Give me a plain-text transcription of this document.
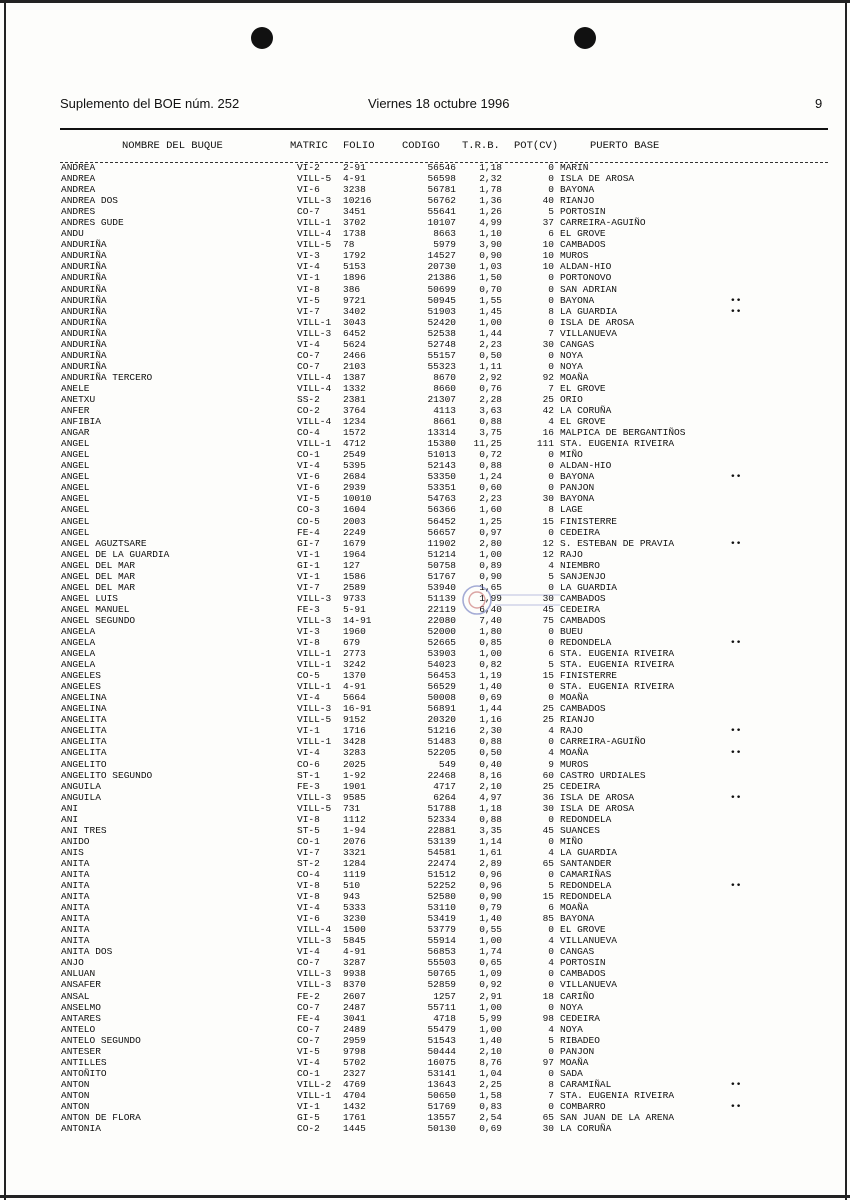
Suplemento del BOE núm. 252	Viernes 18 octubre 1996	9
NOMBRE DEL BUQUE	MATRIC FOLIO	CODIGO T.R.B. POT(CV)	PUERTO BASE
ANDREA	VI-2 2-91	56546	1,18	0 MARIN
ANDREA	VILL-5 4-91	56598	2,32	0 ISLA DE AROSA
ANDREA	VI-6 3238	56781	1,78	0 BAYONA
ANDREA DOS	VILL-3 10216	56762	1,36	40 RIANJO
ANDRES	CO-7 3451	55641	1,26	5 PORTOSIN
ANDRES GUDE	VILL-1 3702	10107	4,99	37 CARREIRA-AGUIÑO
ANDU	VILL-4 1738	8663	1,10	6 EL GROVE
ANDURIÑA	VILL-5 78	5979	3,90	10 CAMBADOS
ANDURIÑA	VI-3 1792	14527	0,90	10 MUROS
ANDURIÑA	VI-4 5153	20730	1,03	10 ALDAN-HIO
ANDURIÑA	VI-1 1896	21386	1,50	0 PORTONOVO
ANDURIÑA	VI-8 386	50699	0,70	0 SAN ADRIAN
ANDURIÑA	VI-5 9721	50945	1,55	0 BAYONA	••
ANDURIÑA	VI-7 3402	51903	1,45	8 LA GUARDIA	••
ANDURIÑA	VILL-1 3043	52420	1,00	0 ISLA DE AROSA
ANDURIÑA	VILL-3 6452	52538	1,44	7 VILLANUEVA
ANDURIÑA	VI-4 5624	52748	2,23	30 CANGAS
ANDURIÑA	CO-7 2466	55157	0,50	0 NOYA
ANDURIÑA	CO-7 2103	55323	1,11	0 NOYA
ANDURIÑA TERCERO	VILL-4 1387	8670	2,92	92 MOAÑA
ANELE	VILL-4 1332	8660	0,76	7 EL GROVE
ANETXU	SS-2 2381	21307	2,28	25 ORIO
ANFER	CO-2 3764	4113	3,63	42 LA CORUÑA
ANFIBIA	VILL-4 1234	8661	0,88	4 EL GROVE
ANGAR	CO-4 1572	13314	3,75	16 MALPICA DE BERGANTIÑOS
ANGEL	VILL-1 4712	15380	11,25	111 STA. EUGENIA RIVEIRA
ANGEL	CO-1 2549	51013	0,72	0 MIÑO
ANGEL	VI-4 5395	52143	0,88	0 ALDAN-HIO
ANGEL	VI-6 2684	53350	1,24	0 BAYONA	••
ANGEL	VI-6 2939	53351	0,60	0 PANJON
ANGEL	VI-5 10010	54763	2,23	30 BAYONA
ANGEL	CO-3 1604	56366	1,60	8 LAGE
ANGEL	CO-5 2003	56452	1,25	15 FINISTERRE
ANGEL	FE-4 2249	56657	0,97	0 CEDEIRA
ANGEL AGUZTSARE	GI-7 1679	11902	2,80	12 S. ESTEBAN DE PRAVIA	••
ANGEL DE LA GUARDIA	VI-1 1964	51214	1,00	12 RAJO
ANGEL DEL MAR	GI-1 127	50758	0,89	4 NIEMBRO
ANGEL DEL MAR	VI-1 1586	51767	0,90	5 SANJENJO
ANGEL DEL MAR	VI-7 2589	53940	1,65	0 LA GUARDIA
ANGEL LUIS	VILL-3 9733	51139	1,99	30 CAMBADOS
ANGEL MANUEL	FE-3 5-91	22119	6,40	45 CEDEIRA
ANGEL SEGUNDO	VILL-3 14-91	22080	7,40	75 CAMBADOS
ANGELA	VI-3 1960	52000	1,80	0 BUEU
ANGELA	VI-8 679	52665	0,85	0 REDONDELA	••
ANGELA	VILL-1 2773	53903	1,00	6 STA. EUGENIA RIVEIRA
ANGELA	VILL-1 3242	54023	0,82	5 STA. EUGENIA RIVEIRA
ANGELES	CO-5 1370	56453	1,19	15 FINISTERRE
ANGELES	VILL-1 4-91	56529	1,40	0 STA. EUGENIA RIVEIRA
ANGELINA	VI-4 5664	50008	0,69	0 MOAÑA
ANGELINA	VILL-3 16-91	56891	1,44	25 CAMBADOS
ANGELITA	VILL-5 9152	20320	1,16	25 RIANJO
ANGELITA	VI-1 1716	51216	2,30	4 RAJO	••
ANGELITA	VILL-1 3428	51483	0,88	0 CARREIRA-AGUIÑO
ANGELITA	VI-4 3283	52205	0,50	4 MOAÑA	••
ANGELITO	CO-6 2025	549	0,40	9 MUROS
ANGELITO SEGUNDO	ST-1 1-92	22468	8,16	60 CASTRO URDIALES
ANGUILA	FE-3 1901	4717	2,10	25 CEDEIRA
ANGUILA	VILL-3 9585	6264	4,97	36 ISLA DE AROSA	••
ANI	VILL-5 731	51788	1,18	30 ISLA DE AROSA
ANI	VI-8 1112	52334	0,88	0 REDONDELA
ANI TRES	ST-5 1-94	22881	3,35	45 SUANCES
ANIDO	CO-1 2076	53139	1,14	0 MIÑO
ANIS	VI-7 3321	54581	1,61	4 LA GUARDIA
ANITA	ST-2 1284	22474	2,89	65 SANTANDER
ANITA	CO-4 1119	51512	0,96	0 CAMARIÑAS
ANITA	VI-8 510	52252	0,96	5 REDONDELA	••
ANITA	VI-8 943	52580	0,90	15 REDONDELA
ANITA	VI-4 5333	53110	0,79	6 MOAÑA
ANITA	VI-6 3230	53419	1,40	85 BAYONA
ANITA	VILL-4 1500	53779	0,55	0 EL GROVE
ANITA	VILL-3 5845	55914	1,00	4 VILLANUEVA
ANITA DOS	VI-4 4-91	56853	1,74	0 CANGAS
ANJO	CO-7 3287	55503	0,65	4 PORTOSIN
ANLUAN	VILL-3 9938	50765	1,09	0 CAMBADOS
ANSAFER	VILL-3 8370	52859	0,92	0 VILLANUEVA
ANSAL	FE-2 2607	1257	2,91	18 CARIÑO
ANSELMO	CO-7 2487	55711	1,00	0 NOYA
ANTARES	FE-4 3041	4718	5,99	98 CEDEIRA
ANTELO	CO-7 2489	55479	1,00	4 NOYA
ANTELO SEGUNDO	CO-7 2959	51543	1,40	5 RIBADEO
ANTESER	VI-5 9798	50444	2,10	0 PANJON
ANTILLES	VI-4 5702	16075	8,76	97 MOAÑA
ANTOÑITO	CO-1 2327	53141	1,04	0 SADA
ANTON	VILL-2 4769	13643	2,25	8 CARAMIÑAL	••
ANTON	VILL-1 4704	50650	1,58	7 STA. EUGENIA RIVEIRA
ANTON	VI-1 1432	51769	0,83	0 COMBARRO	••
ANTON DE FLORA	GI-5 1761	13557	2,54	65 SAN JUAN DE LA ARENA
ANTONIA	CO-2 1445	50130	0,69	30 LA CORUÑA
